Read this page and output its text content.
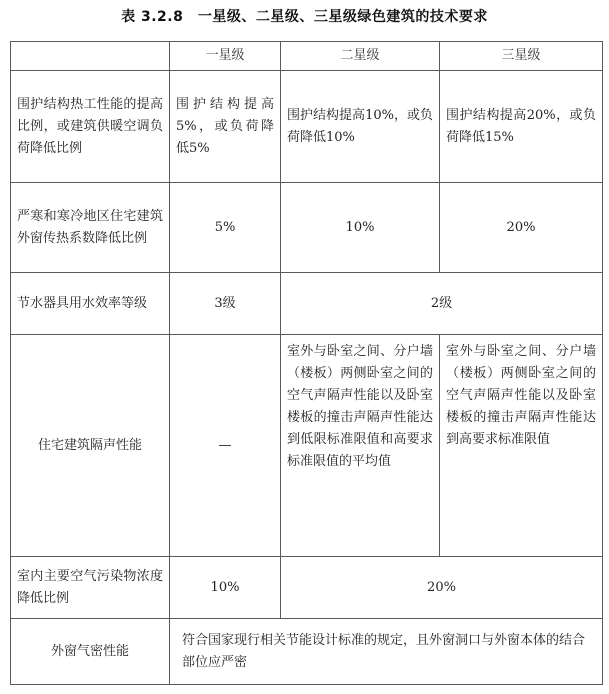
表 3.2.8　一星级、二星级、三星级绿色建筑的技术要求
	一星级	二星级	三星级
围护结构热工性能的提高比例，或建筑供暖空调负荷降低比例	围护结构提高5%，或负荷降低5%	围护结构提高10%，或负荷降低10%	围护结构提高20%，或负荷降低15%
严寒和寒冷地区住宅建筑外窗传热系数降低比例	5%	10%	20%
节水器具用水效率等级	3级	2级	
住宅建筑隔声性能	—	室外与卧室之间、分户墙（楼板）两侧卧室之间的空气声隔声性能以及卧室楼板的撞击声隔声性能达到低限标准限值和高要求标准限值的平均值	室外与卧室之间、分户墙（楼板）两侧卧室之间的空气声隔声性能以及卧室楼板的撞击声隔声性能达到高要求标准限值
室内主要空气污染物浓度降低比例	10%	20%	
外窗气密性能	符合国家现行相关节能设计标准的规定，且外窗洞口与外窗本体的结合部位应严密		
